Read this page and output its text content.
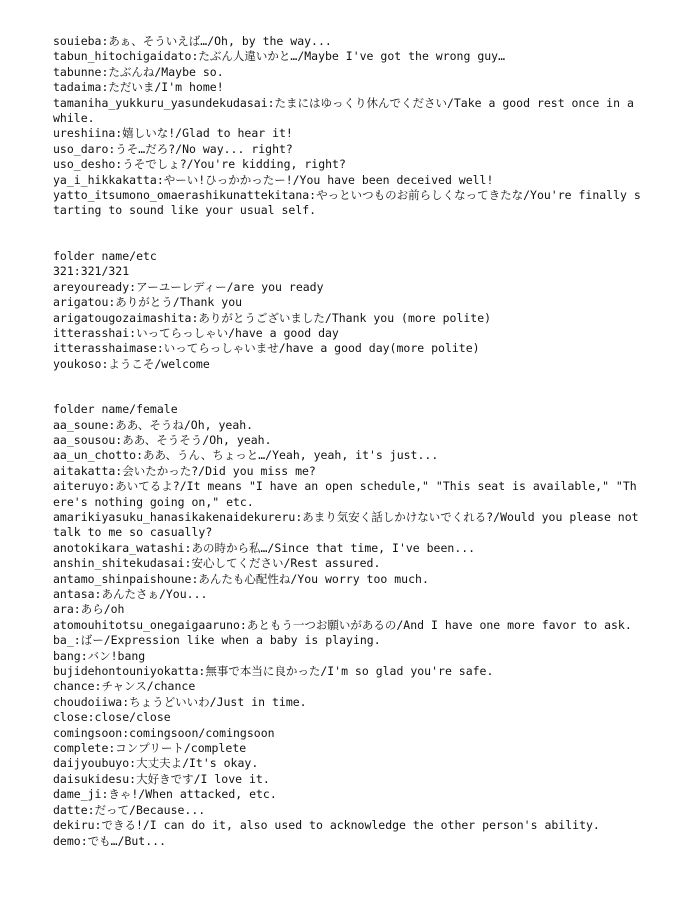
souieba:あぁ、そういえば…/Oh, by the way...
tabun_hitochigaidato:たぶん人違いかと…/Maybe I've got the wrong guy…
tabunne:たぶんね/Maybe so.
tadaima:ただいま/I'm home!
tamaniha_yukkuru_yasundekudasai:たまにはゆっくり休んでください/Take a good rest once in a while.
ureshiina:嬉しいな!/Glad to hear it!
uso_daro:うそ…だろ?/No way... right?
uso_desho:うそでしょ?/You're kidding, right?
ya_i_hikkakatta:やーい!ひっかかったー!/You have been deceived well!
yatto_itsumono_omaerashikunattekitana:やっといつものお前らしくなってきたな/You're finally starting to sound like your usual self.
folder name/etc
321:321/321
areyouready:アーユーレディー/are you ready
arigatou:ありがとう/Thank you
arigatougozaimashita:ありがとうございました/Thank you (more polite)
itterasshai:いってらっしゃい/have a good day
itterasshaimase:いってらっしゃいませ/have a good day(more polite)
youkoso:ようこそ/welcome
folder name/female
aa_soune:ああ、そうね/Oh, yeah.
aa_sousou:ああ、そうそう/Oh, yeah.
aa_un_chotto:ああ、うん、ちょっと…/Yeah, yeah, it's just...
aitakatta:会いたかった?/Did you miss me?
aiteruyo:あいてるよ?/It means "I have an open schedule," "This seat is available," "There's nothing going on," etc.
amarikiyasuku_hanasikakenaidekureru:あまり気安く話しかけないでくれる?/Would you please not talk to me so casually?
anotokikara_watashi:あの時から私…/Since that time, I've been...
anshin_shitekudasai:安心してください/Rest assured.
antamo_shinpaishoune:あんたも心配性ね/You worry too much.
antasa:あんたさぁ/You...
ara:あら/oh
atomouhitotsu_onegaigaaruno:あともう一つお願いがあるの/And I have one more favor to ask.
ba_:ばー/Expression like when a baby is playing.
bang:バン!bang
bujidehontouniyokatta:無事で本当に良かった/I'm so glad you're safe.
chance:チャンス/chance
choudoiiwa:ちょうどいいわ/Just in time.
close:close/close
comingsoon:comingsoon/comingsoon
complete:コンプリート/complete
daijyoubuyo:大丈夫よ/It's okay.
daisukidesu:大好きです/I love it.
dame_ji:きゃ!/When attacked, etc.
datte:だって/Because...
dekiru:できる!/I can do it, also used to acknowledge the other person's ability.
demo:でも…/But...
